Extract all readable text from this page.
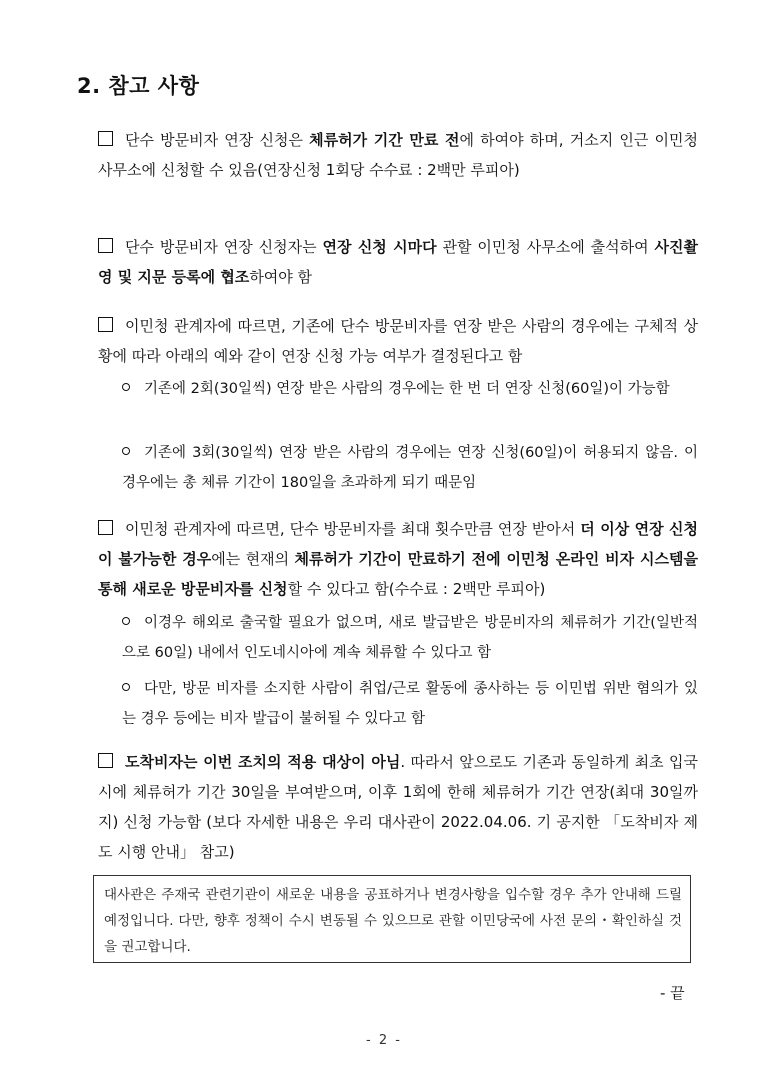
2. 참고 사항
단수 방문비자 연장 신청은 체류허가 기간 만료 전에 하여야 하며, 거소지 인근 이민청 사무소에 신청할 수 있음(연장신청 1회당 수수료 : 2백만 루피아)
단수 방문비자 연장 신청자는 연장 신청 시마다 관할 이민청 사무소에 출석하여 사진촬영 및 지문 등록에 협조하여야 함
이민청 관계자에 따르면, 기존에 단수 방문비자를 연장 받은 사람의 경우에는 구체적 상황에 따라 아래의 예와 같이 연장 신청 가능 여부가 결정된다고 함
기존에 2회(30일씩) 연장 받은 사람의 경우에는 한 번 더 연장 신청(60일)이 가능함
기존에 3회(30일씩) 연장 받은 사람의 경우에는 연장 신청(60일)이 허용되지 않음. 이 경우에는 총 체류 기간이 180일을 초과하게 되기 때문임
이민청 관계자에 따르면, 단수 방문비자를 최대 횟수만큼 연장 받아서 더 이상 연장 신청이 불가능한 경우에는 현재의 체류허가 기간이 만료하기 전에 이민청 온라인 비자 시스템을 통해 새로운 방문비자를 신청할 수 있다고 함(수수료 : 2백만 루피아)
이경우 해외로 출국할 필요가 없으며, 새로 발급받은 방문비자의 체류허가 기간(일반적으로 60일) 내에서 인도네시아에 계속 체류할 수 있다고 함
다만, 방문 비자를 소지한 사람이 취업/근로 활동에 종사하는 등 이민법 위반 혐의가 있는 경우 등에는 비자 발급이 불허될 수 있다고 함
도착비자는 이번 조치의 적용 대상이 아님. 따라서 앞으로도 기존과 동일하게 최초 입국 시에 체류허가 기간 30일을 부여받으며, 이후 1회에 한해 체류허가 기간 연장(최대 30일까지) 신청 가능함 (보다 자세한 내용은 우리 대사관이 2022.04.06. 기 공지한 「도착비자 제도 시행 안내」 참고)
대사관은 주재국 관련기관이 새로운 내용을 공표하거나 변경사항을 입수할 경우 추가 안내해 드릴 예정입니다. 다만, 향후 정책이 수시 변동될 수 있으므로 관할 이민당국에 사전 문의・확인하실 것을 권고합니다.
- 끝
- 2 -
